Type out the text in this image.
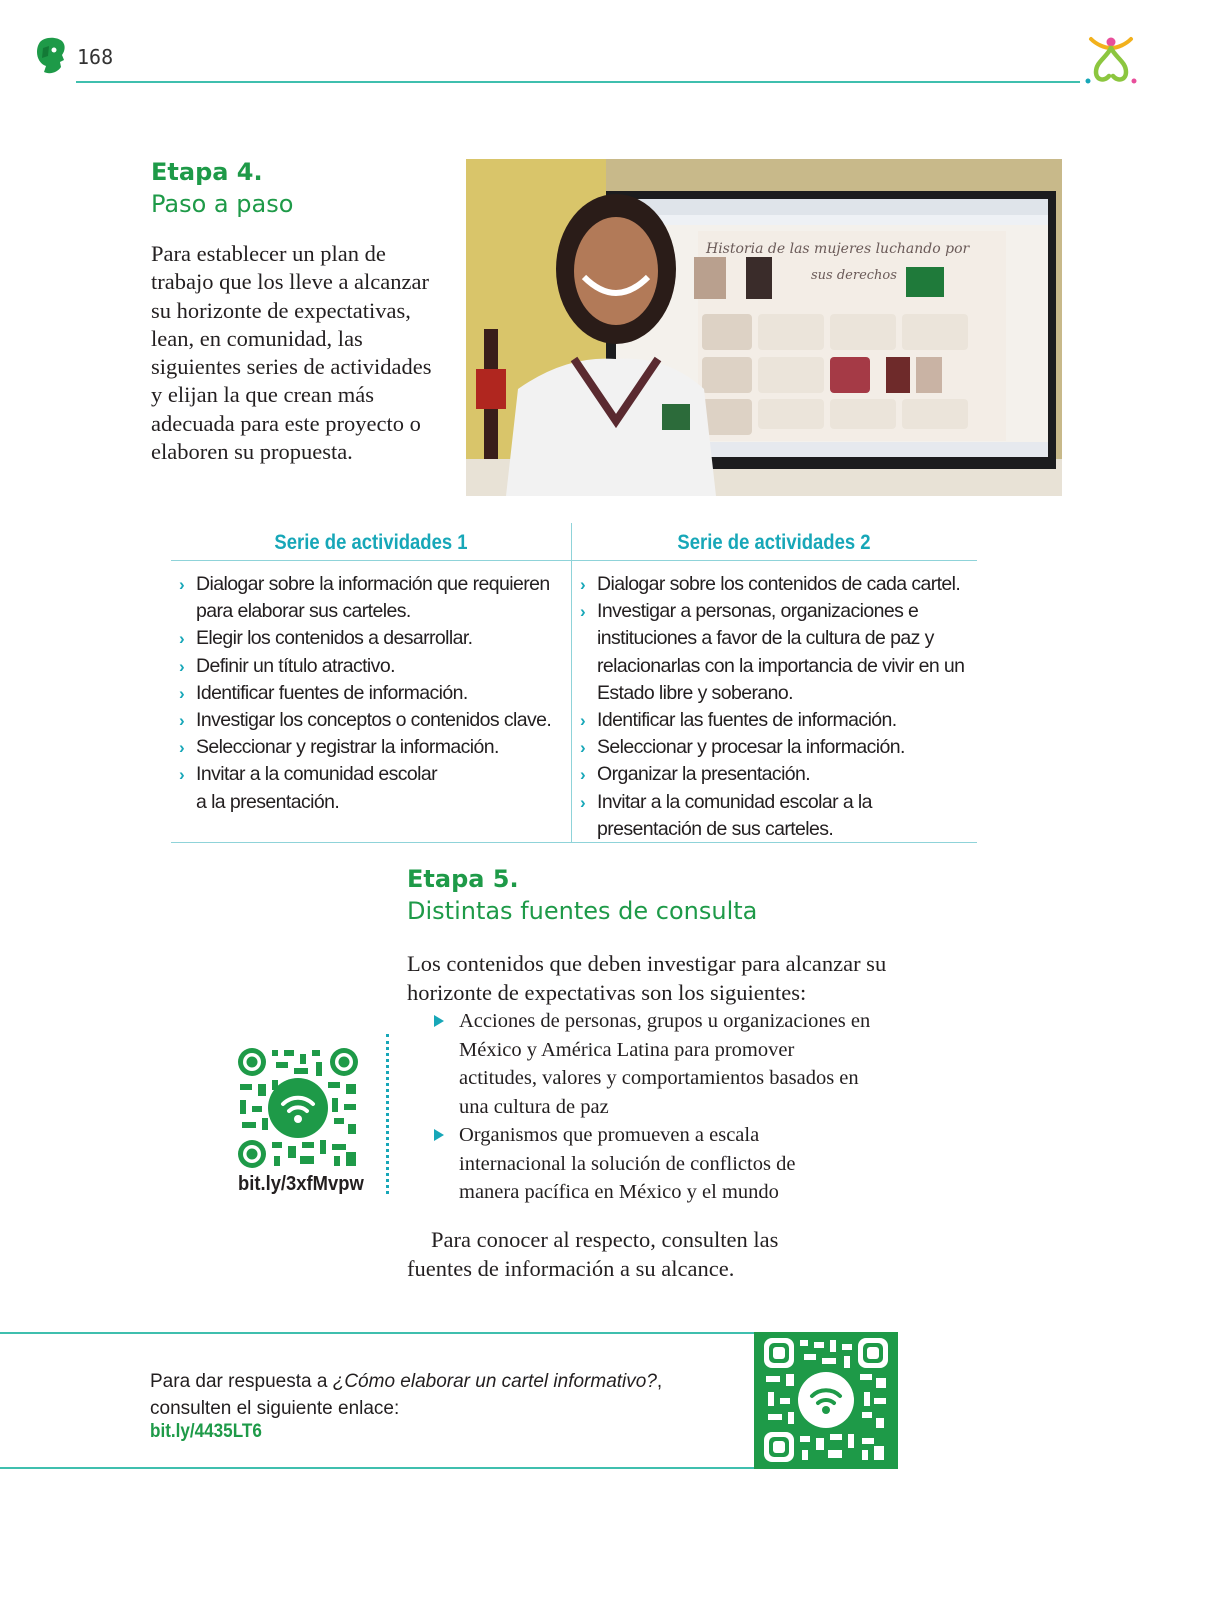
168
Etapa 4.
Paso a paso

Para establecer un plan de trabajo que los lleve a alcanzar su horizonte de expectativas, lean, en comunidad, las siguientes series de actividades y elijan la que crean más adecuada para este proyecto o elaboren su propuesta.

Historia de las mujeres luchando por
sus derechos
Serie de actividades 1	Serie de actividades 2
› Dialogar sobre la información que requieren para elaborar sus carteles.
› Elegir los contenidos a desarrollar.
› Definir un título atractivo.
› Identificar fuentes de información.
› Investigar los conceptos o contenidos clave.
› Seleccionar y registrar la información.
› Invitar a la comunidad escolar a la presentación.
› Dialogar sobre los contenidos de cada cartel.
› Investigar a personas, organizaciones e instituciones a favor de la cultura de paz y relacionarlas con la importancia de vivir en un Estado libre y soberano.
› Identificar las fuentes de información.
› Seleccionar y procesar la información.
› Organizar la presentación.
› Invitar a la comunidad escolar a la presentación de sus carteles.
Etapa 5.
Distintas fuentes de consulta

Los contenidos que deben investigar para alcanzar su horizonte de expectativas son los siguientes:

Acciones de personas, grupos u organizaciones en México y América Latina para promover actitudes, valores y comportamientos basados en una cultura de paz
Organismos que promueven a escala internacional la solución de conflictos de manera pacífica en México y el mundo

Para conocer al respecto, consulten las fuentes de información a su alcance.

bit.ly/3xfMvpw
Para dar respuesta a ¿Cómo elaborar un cartel informativo?,
consulten el siguiente enlace:
bit.ly/4435LT6
